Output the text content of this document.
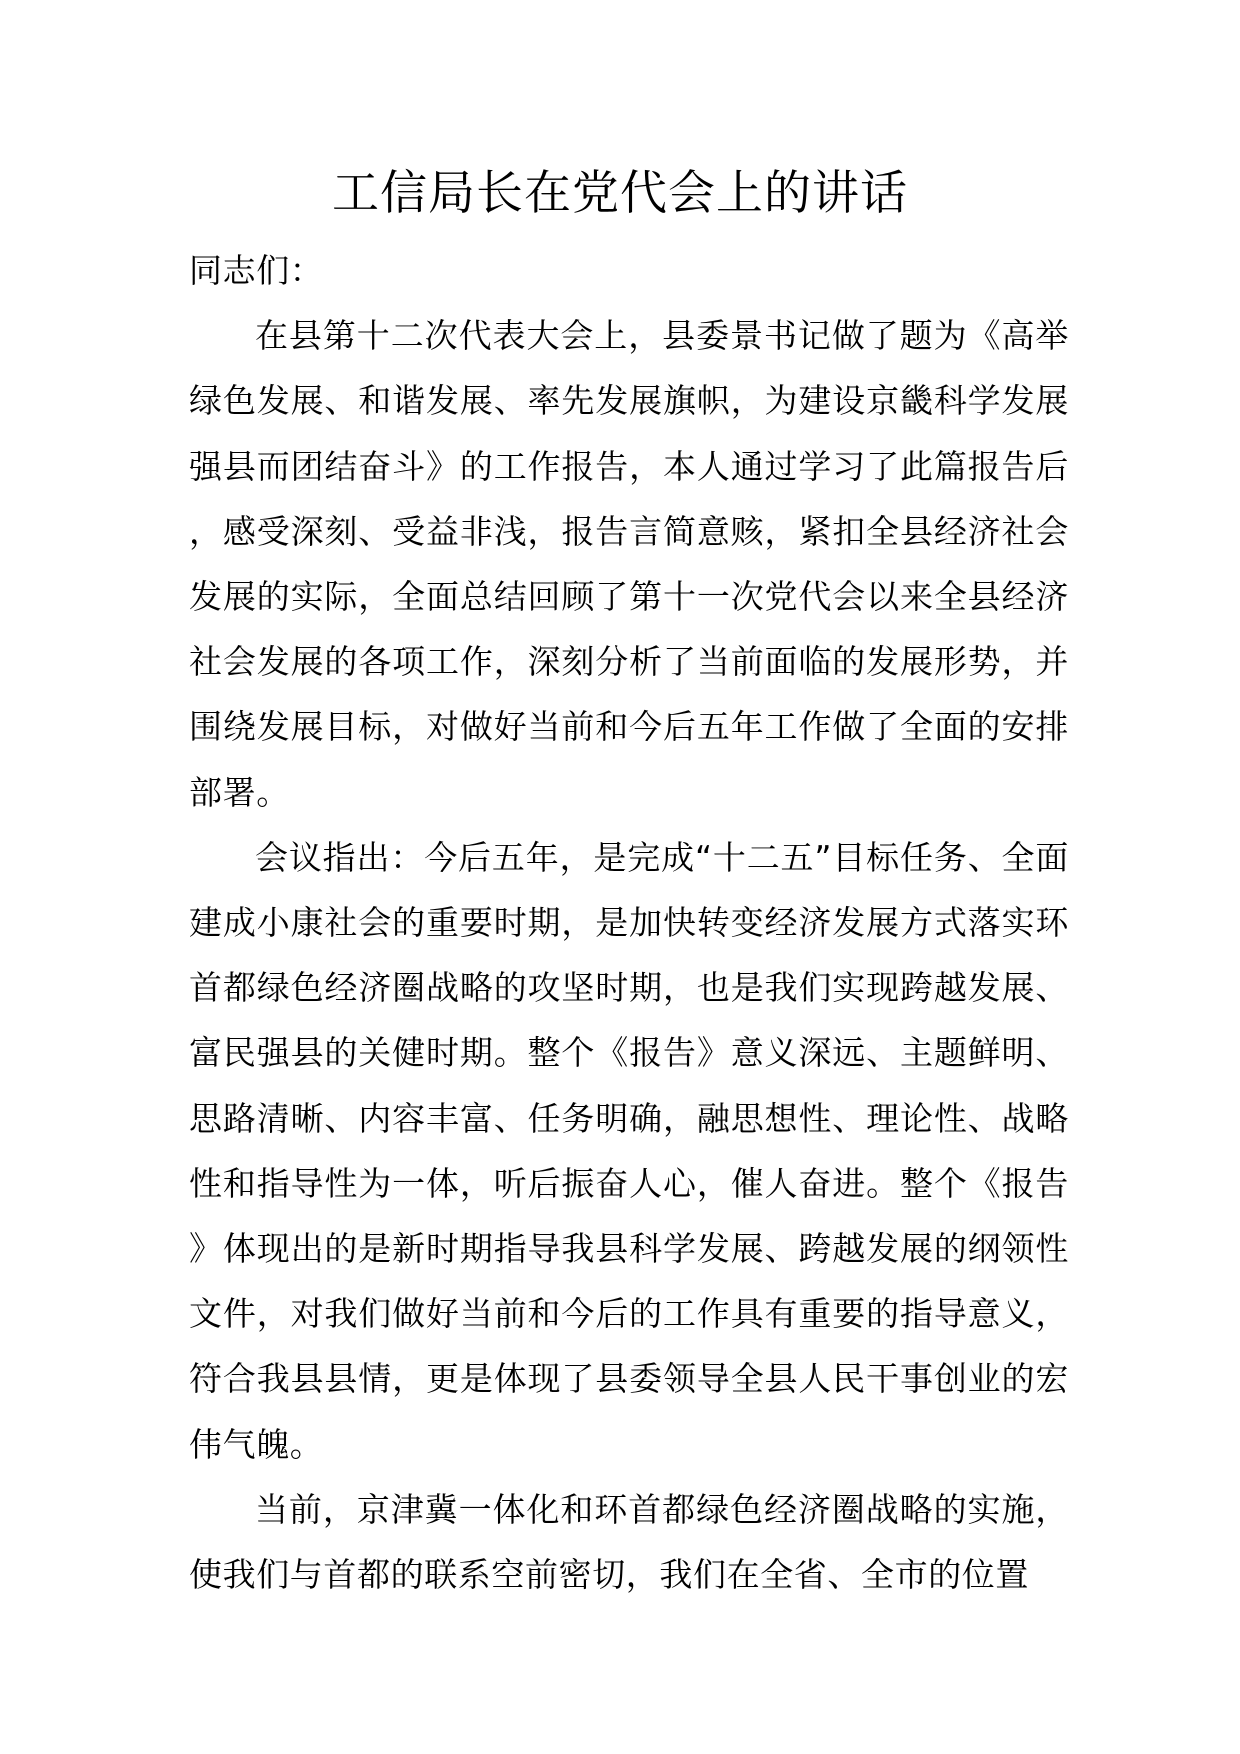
工信局长在党代会上的讲话

同志们：

在县第十二次代表大会上，县委景书记做了题为《高举绿色发展、和谐发展、率先发展旗帜，为建设京畿科学发展强县而团结奋斗》的工作报告，本人通过学习了此篇报告后，感受深刻、受益非浅，报告言简意赅，紧扣全县经济社会发展的实际，全面总结回顾了第十一次党代会以来全县经济社会发展的各项工作，深刻分析了当前面临的发展形势，并围绕发展目标，对做好当前和今后五年工作做了全面的安排部署。

会议指出：今后五年，是完成“十二五”目标任务、全面建成小康社会的重要时期，是加快转变经济发展方式落实环首都绿色经济圈战略的攻坚时期，也是我们实现跨越发展、富民强县的关健时期。整个《报告》意义深远、主题鲜明、思路清晰、内容丰富、任务明确，融思想性、理论性、战略性和指导性为一体，听后振奋人心，催人奋进。整个《报告》体现出的是新时期指导我县科学发展、跨越发展的纲领性文件，对我们做好当前和今后的工作具有重要的指导意义，符合我县县情，更是体现了县委领导全县人民干事创业的宏伟气魄。

当前，京津冀一体化和环首都绿色经济圈战略的实施，使我们与首都的联系空前密切，我们在全省、全市的位置
